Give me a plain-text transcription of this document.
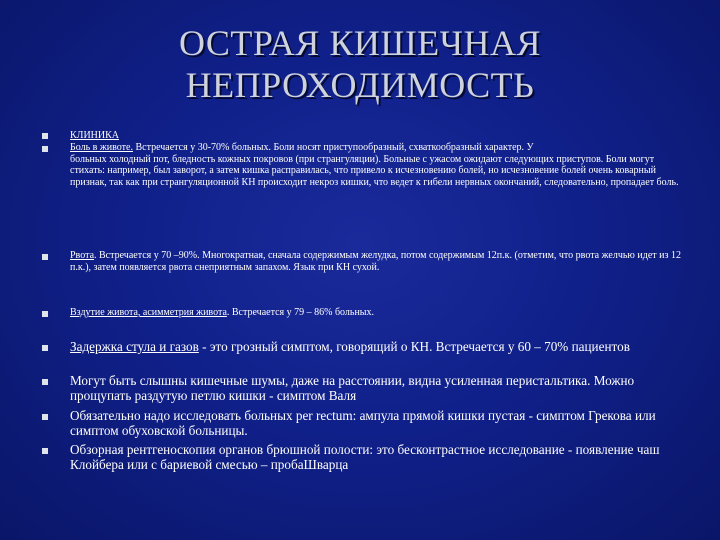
ОСТРАЯ КИШЕЧНАЯ
НЕПРОХОДИМОСТЬ
КЛИНИКА
Боль в животе. Встречается у 30-70% больных. Боли носят приступообразный, схваткообразный характер. У
больных холодный пот, бледность кожных покровов (при странгуляции). Больные с ужасом ожидают следующих приступов. Боли могут стихать: например, был заворот, а затем кишка расправилась, что привело к исчезновению болей, но исчезновение болей очень коварный признак, так как при странгуляционной КН происходит некроз кишки, что ведет к гибели нервных окончаний, следовательно, пропадает боль.
Рвота. Встречается у 70 –90%. Многократная, сначала содержимым желудка, потом содержимым 12п.к. (отметим, что рвота желчью идет из 12 п.к.), затем появляется рвота снеприятным запахом. Язык при КН сухой.
Вздутие живота, асимметрия живота. Встречается у 79 – 86% больных.
Задержка стула и газов - это грозный симптом, говорящий о КН. Встречается у 60 – 70% пациентов
Могут быть слышны кишечные шумы, даже на расстоянии, видна усиленная перистальтика. Можно прощупать раздутую петлю кишки - симптом Валя
Обязательно надо исследовать больных per rectum: ампула прямой кишки пустая - симптом Грекова или симптом обуховской больницы.
Обзорная рентгеноскопия органов брюшной полости: это бесконтрастное исследование - появление чаш Клойбера или с бариевой смесью – пробаШварца
